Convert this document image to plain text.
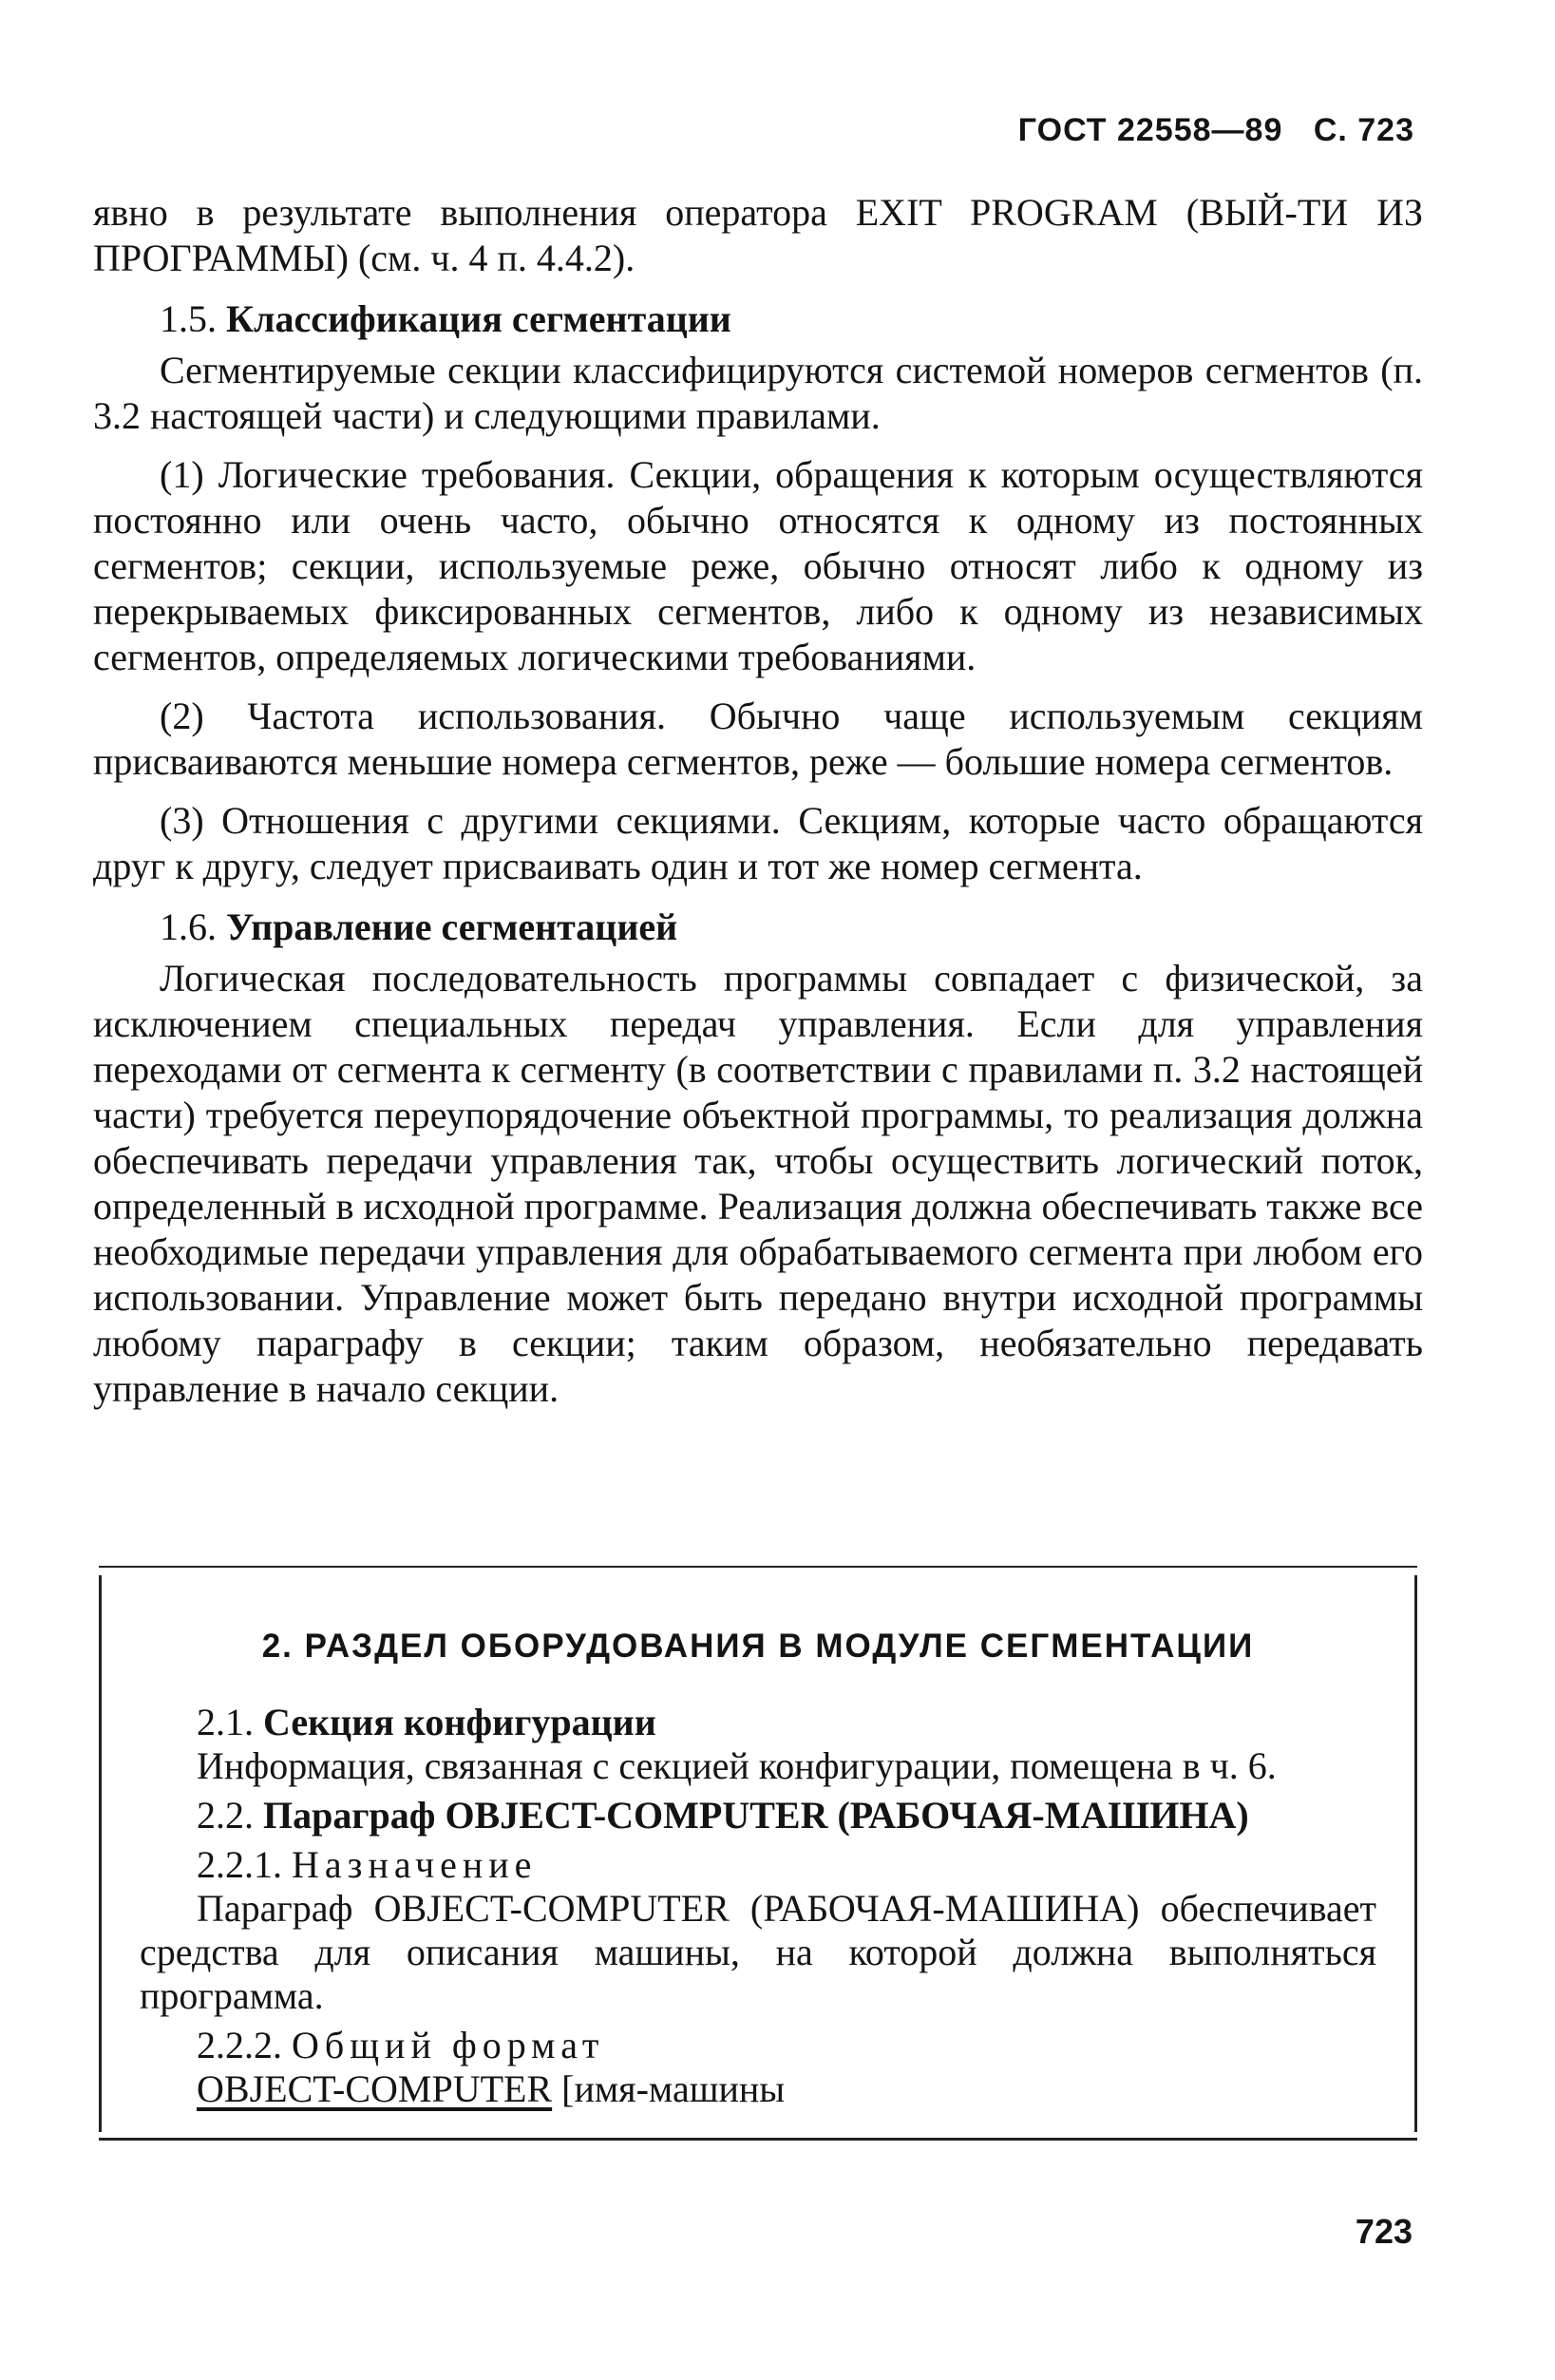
ГОСТ 22558—89 С. 723

явно в результате выполнения оператора EXIT PROGRAM (ВЫЙ-ТИ ИЗ ПРОГРАММЫ) (см. ч. 4 п. 4.4.2).

1.5. Классификация сегментации

Сегментируемые секции классифицируются системой номеров сегментов (п. 3.2 настоящей части) и следующими правилами.

(1) Логические требования. Секции, обращения к которым осуществляются постоянно или очень часто, обычно относятся к одному из постоянных сегментов; секции, используемые реже, обычно относят либо к одному из перекрываемых фиксированных сегментов, либо к одному из независимых сегментов, определяемых логическими требованиями.

(2) Частота использования. Обычно чаще используемым секциям присваиваются меньшие номера сегментов, реже — большие номера сегментов.

(3) Отношения с другими секциями. Секциям, которые часто обращаются друг к другу, следует присваивать один и тот же номер сегмента.

1.6. Управление сегментацией

Логическая последовательность программы совпадает с физической, за исключением специальных передач управления. Если для управления переходами от сегмента к сегменту (в соответствии с правилами п. 3.2 настоящей части) требуется переупорядочение объектной программы, то реализация должна обеспечивать передачи управления так, чтобы осуществить логический поток, определенный в исходной программе. Реализация должна обеспечивать также все необходимые передачи управления для обрабатываемого сегмента при любом его использовании. Управление может быть передано внутри исходной программы любому параграфу в секции; таким образом, необязательно передавать управление в начало секции.

2. РАЗДЕЛ ОБОРУДОВАНИЯ В МОДУЛЕ СЕГМЕНТАЦИИ
2.1. Секция конфигурации

Информация, связанная с секцией конфигурации, помещена в ч. 6.

2.2. Параграф OBJECT-COMPUTER (РАБОЧАЯ-МАШИНА)
2.2.1. Назначение

Параграф OBJECT-COMPUTER (РАБОЧАЯ-МАШИНА) обеспечивает средства для описания машины, на которой должна выполняться программа.

2.2.2. Общий формат
OBJECT-COMPUTER [имя-машины
723
